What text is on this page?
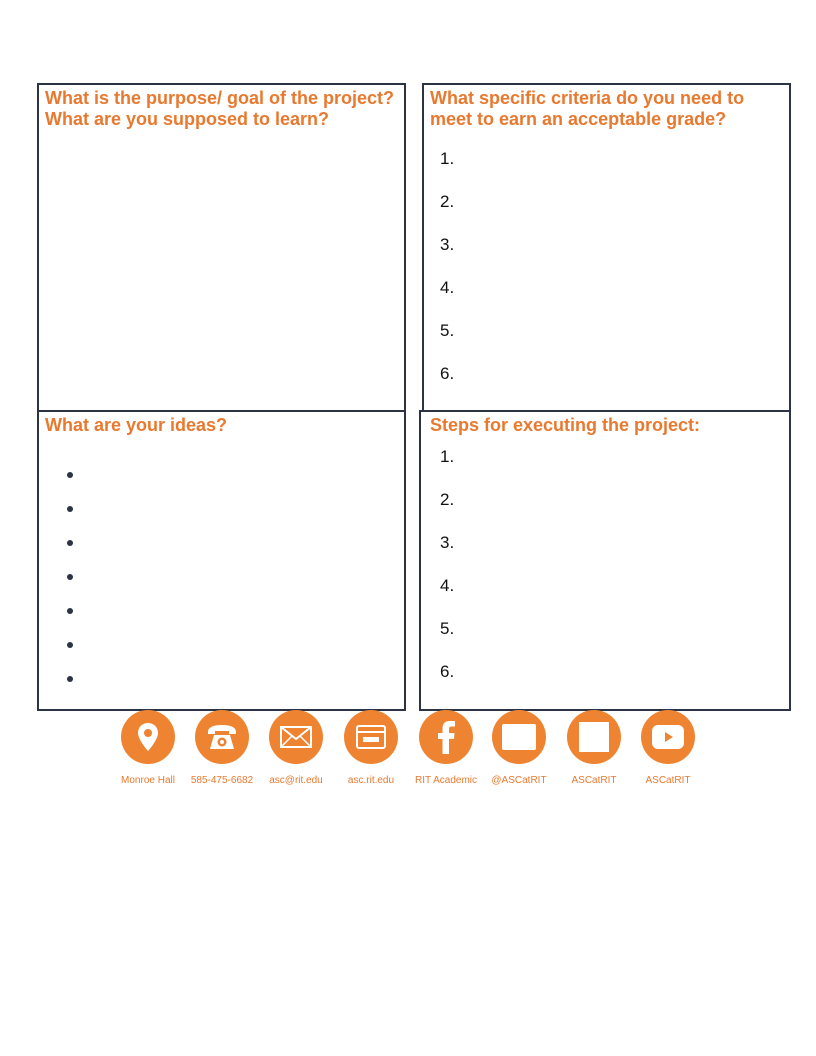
What is the purpose/ goal of the project? What are you supposed to learn?
What specific criteria do you need to meet to earn an acceptable grade?
1.
2.
3.
4.
5.
6.
What are your ideas?	Steps for executing the project:
1.
2.
3.
4.
5.
6.
Monroe Hall	585-475-6682	asc@rit.edu	asc.rit.edu	RIT Academic	@ASCatRIT	ASCatRIT	ASCatRIT
